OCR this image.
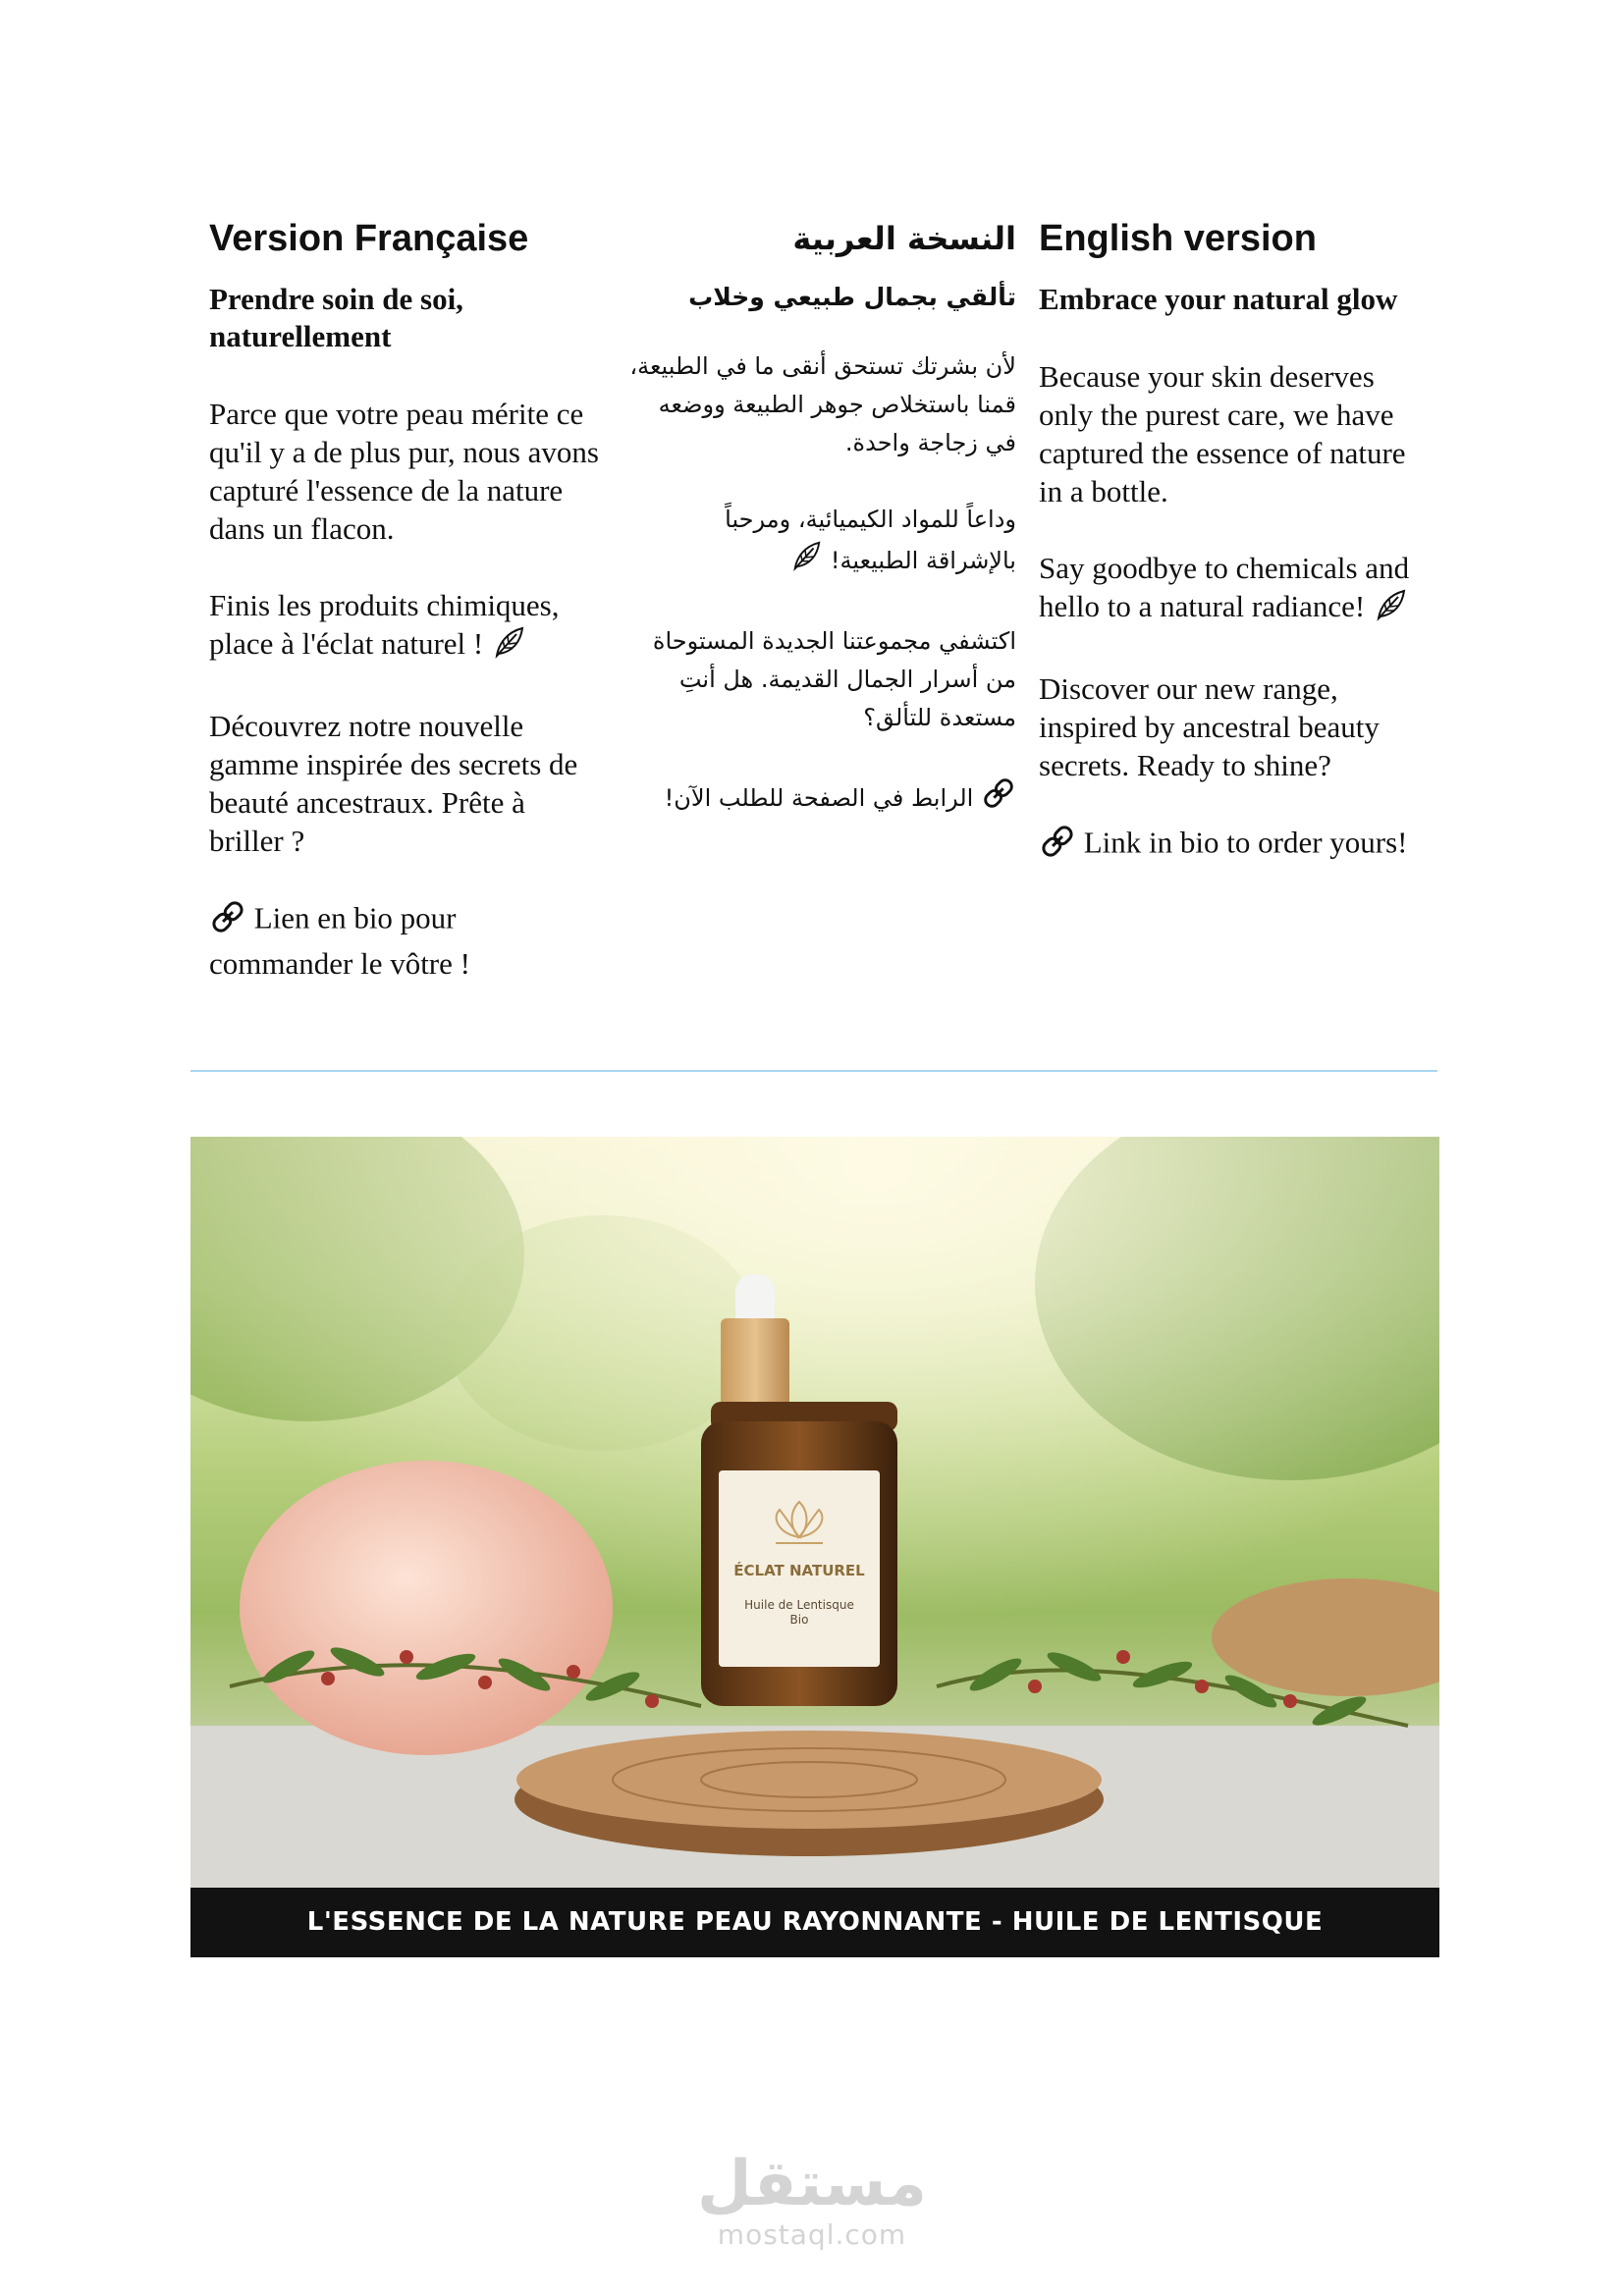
Version Française
Prendre soin de soi, naturellement
Parce que votre peau mérite ce qu'il y a de plus pur, nous avons capturé l'essence de la nature dans un flacon.
Finis les produits chimiques, place à l'éclat naturel !
Découvrez notre nouvelle gamme inspirée des secrets de beauté ancestraux. Prête à briller ?
Lien en bio pour commander le vôtre !
النسخة العربية
تألقي بجمال طبيعي وخلاب
لأن بشرتك تستحق أنقى ما في الطبيعة، قمنا باستخلاص جوهر الطبيعة ووضعه في زجاجة واحدة.
وداعاً للمواد الكيميائية، ومرحباً بالإشراقة الطبيعية!
اكتشفي مجموعتنا الجديدة المستوحاة من أسرار الجمال القديمة. هل أنتِ مستعدة للتألق؟
الرابط في الصفحة للطلب الآن!
English version
Embrace your natural glow
Because your skin deserves only the purest care, we have captured the essence of nature in a bottle.
Say goodbye to chemicals and hello to a natural radiance!
Discover our new range, inspired by ancestral beauty secrets. Ready to shine?
Link in bio to order yours!
ÉCLAT NATUREL
Huile de Lentisque Bio
L'ESSENCE DE LA NATURE PEAU RAYONNANTE - HUILE DE LENTISQUE
مستقل
mostaql.com
